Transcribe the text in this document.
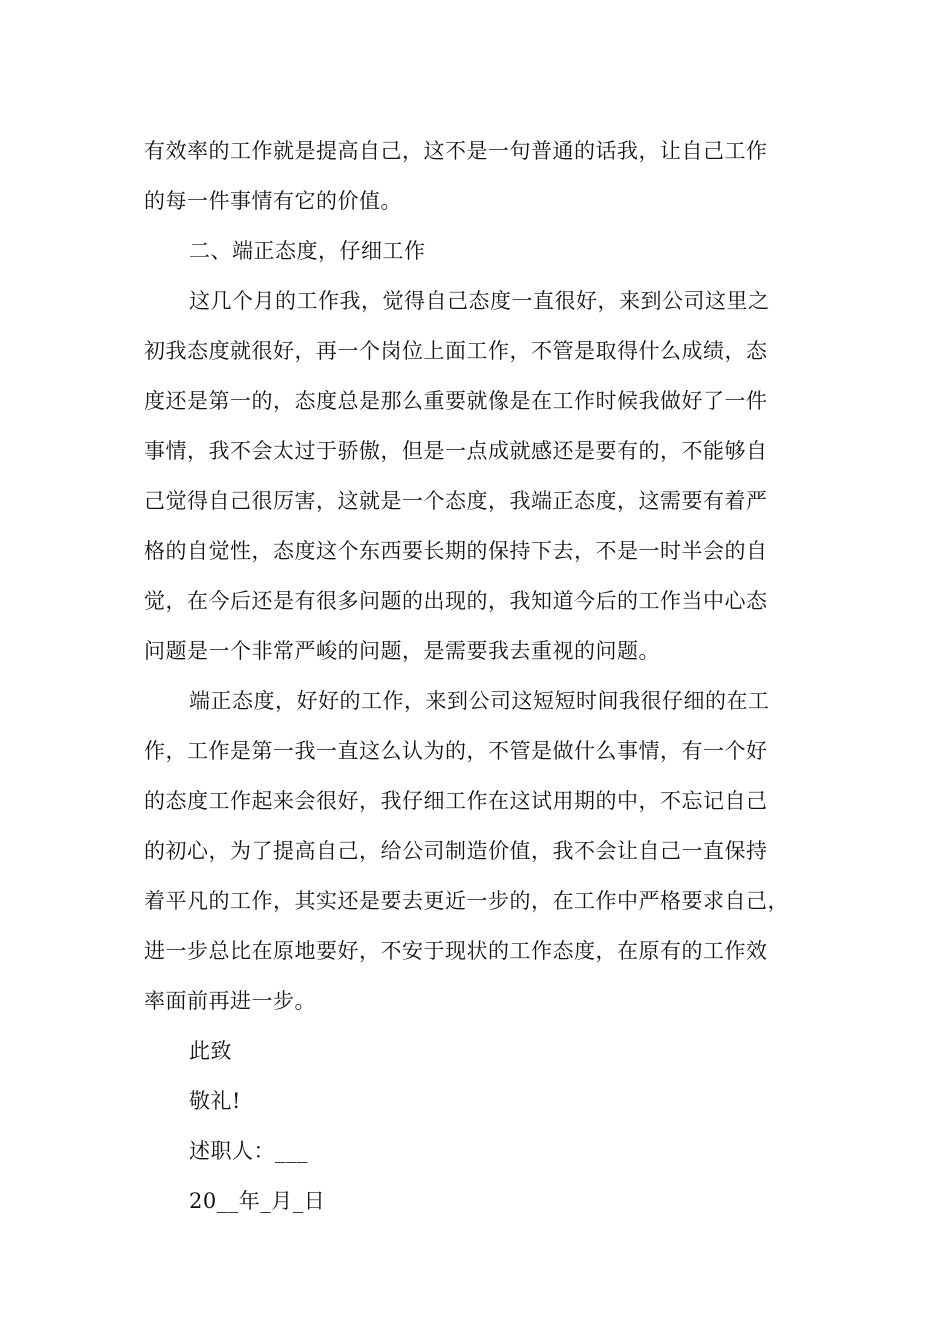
有效率的工作就是提高自己，这不是一句普通的话我，让自己工作
的每一件事情有它的价值。
二、端正态度，仔细工作
这几个月的工作我，觉得自己态度一直很好，来到公司这里之
初我态度就很好，再一个岗位上面工作，不管是取得什么成绩，态
度还是第一的，态度总是那么重要就像是在工作时候我做好了一件
事情，我不会太过于骄傲，但是一点成就感还是要有的，不能够自
己觉得自己很厉害，这就是一个态度，我端正态度，这需要有着严
格的自觉性，态度这个东西要长期的保持下去，不是一时半会的自
觉，在今后还是有很多问题的出现的，我知道今后的工作当中心态
问题是一个非常严峻的问题，是需要我去重视的问题。
端正态度，好好的工作，来到公司这短短时间我很仔细的在工
作，工作是第一我一直这么认为的，不管是做什么事情，有一个好
的态度工作起来会很好，我仔细工作在这试用期的中，不忘记自己
的初心，为了提高自己，给公司制造价值，我不会让自己一直保持
着平凡的工作，其实还是要去更近一步的，在工作中严格要求自己，
进一步总比在原地要好，不安于现状的工作态度，在原有的工作效
率面前再进一步。
此致
敬礼!
述职人：___
20__年_月_日
